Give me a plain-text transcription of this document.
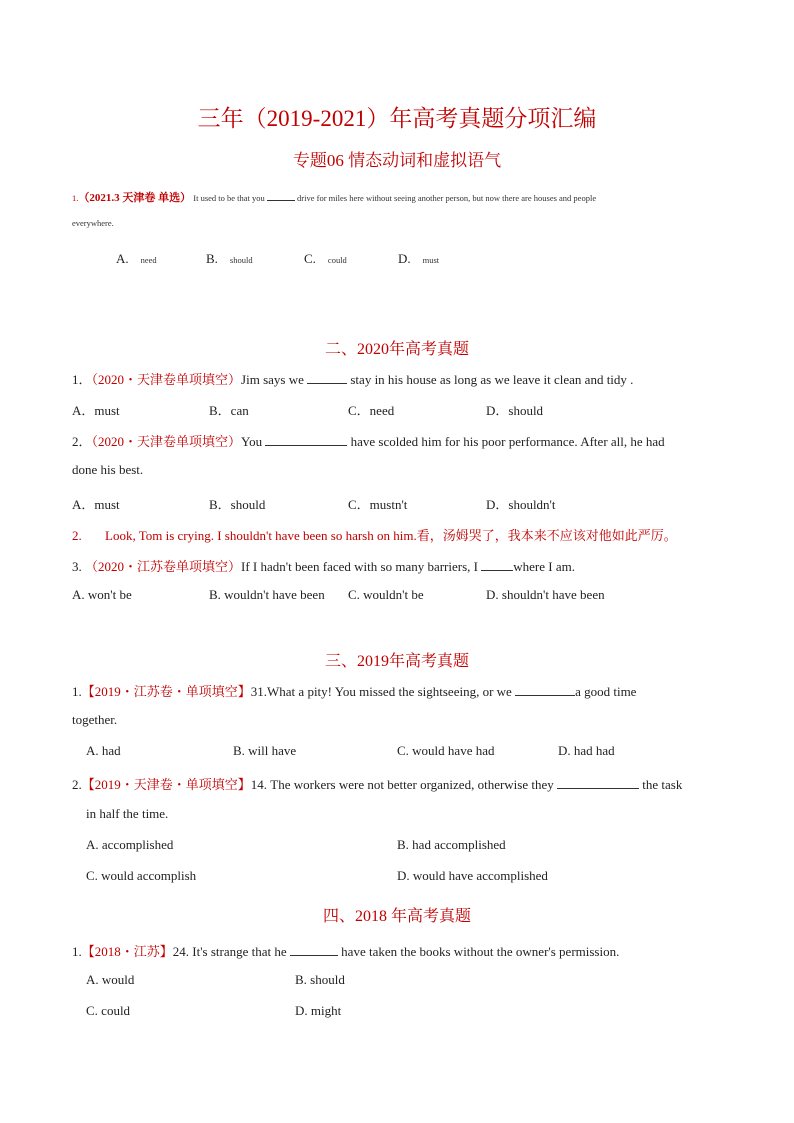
三年（2019-2021）年高考真题分项汇编
专题06 情态动词和虚拟语气
1.（2021.3 天津卷 单选） It used to be that you	drive for miles here without seeing another person, but now there are houses and people
everywhere.
A. need	B. should	C. could	D. must
二、2020年高考真题
1．（2020・天津卷单项填空）Jim says we	stay in his house as long as we leave it clean and tidy .
A．must	B．can	C．need	D．should
2．（2020・天津卷单项填空）You	have scolded him for his poor performance. After all, he had
done his best.
A．must	B．should	C．mustn't	D．shouldn't
2. Look, Tom is crying. I shouldn't have been so harsh on him.看，汤姆哭了，我本来不应该对他如此严厉。
3. （2020・江苏卷单项填空）If I hadn't been faced with so many barriers, I	where I am.
A. won't be	B. wouldn't have been C. wouldn't be	D. shouldn't have been
三、2019年高考真题
1.【2019・江苏卷・单项填空】31.What a pity! You missed the sightseeing, or we	a good time
together.
A. had	B. will have	C. would have had	D. had had
2.【2019・天津卷・单项填空】14. The workers were not better organized, otherwise they	the task
in half the time.
A. accomplished	B. had accomplished
C. would accomplish	D. would have accomplished
四、2018 年高考真题
1.【2018・江苏】24. It's strange that he	have taken the books without the owner's permission.
A. would	B. should
C. could	D. might
